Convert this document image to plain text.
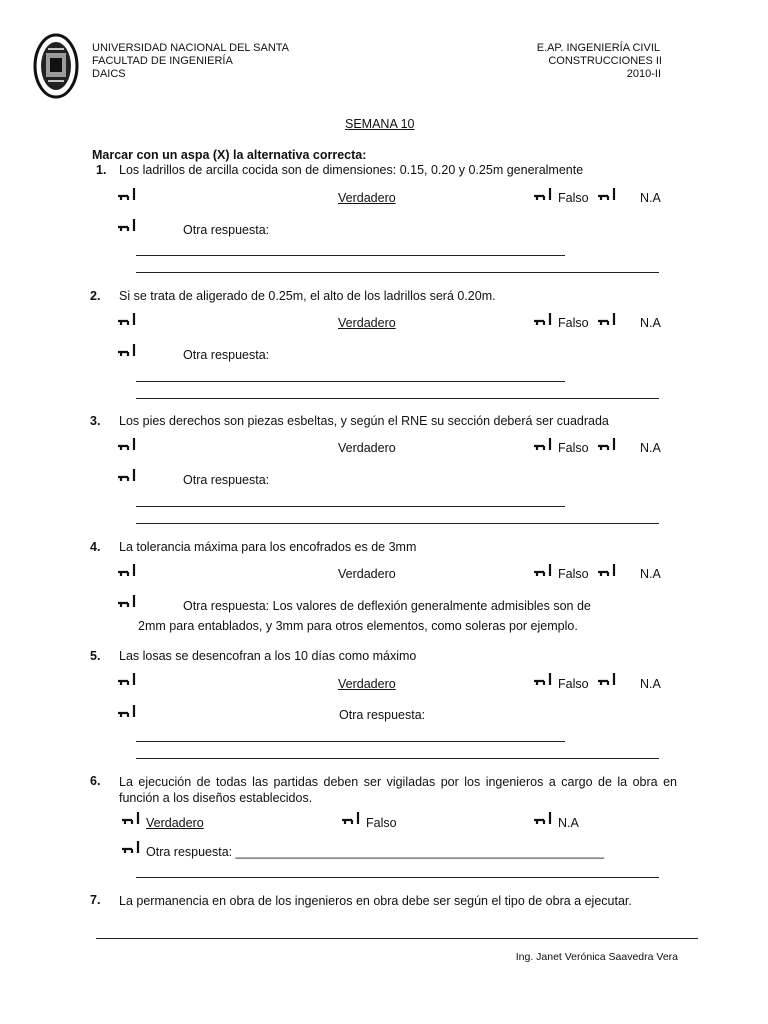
UNIVERSIDAD NACIONAL DEL SANTA
FACULTAD DE INGENIERÍA
DAICS
E.AP. INGENIERÍA CIVIL
CONSTRUCCIONES II
2010-II
SEMANA 10
Marcar con un aspa (X) la alternativa correcta:
1. Los ladrillos de arcilla cocida son de dimensiones: 0.15, 0.20 y 0.25m generalmente
Verdadero	Falso	N.A
Otra respuesta:
2. Si se trata de aligerado de 0.25m, el alto de los ladrillos será 0.20m.
Verdadero	Falso	N.A
Otra respuesta:
3. Los pies derechos son piezas esbeltas, y según el RNE su sección deberá ser cuadrada
Verdadero	Falso	N.A
Otra respuesta:
4. La tolerancia máxima para los encofrados es de 3mm
Verdadero	Falso	N.A
Otra respuesta: Los valores de deflexión generalmente admisibles son de
2mm para entablados, y 3mm para otros elementos, como soleras por ejemplo.
5. Las losas se desencofran a los 10 días como máximo
Verdadero	Falso	N.A
Otra respuesta:
6. La ejecución de todas las partidas deben ser vigiladas por los ingenieros a cargo de la obra en función a los diseños establecidos.
Verdadero	Falso	N.A
Otra respuesta: _____________________________________________________
7. La permanencia en obra de los ingenieros en obra debe ser según el tipo de obra a ejecutar.
Ing. Janet Verónica Saavedra Vera
